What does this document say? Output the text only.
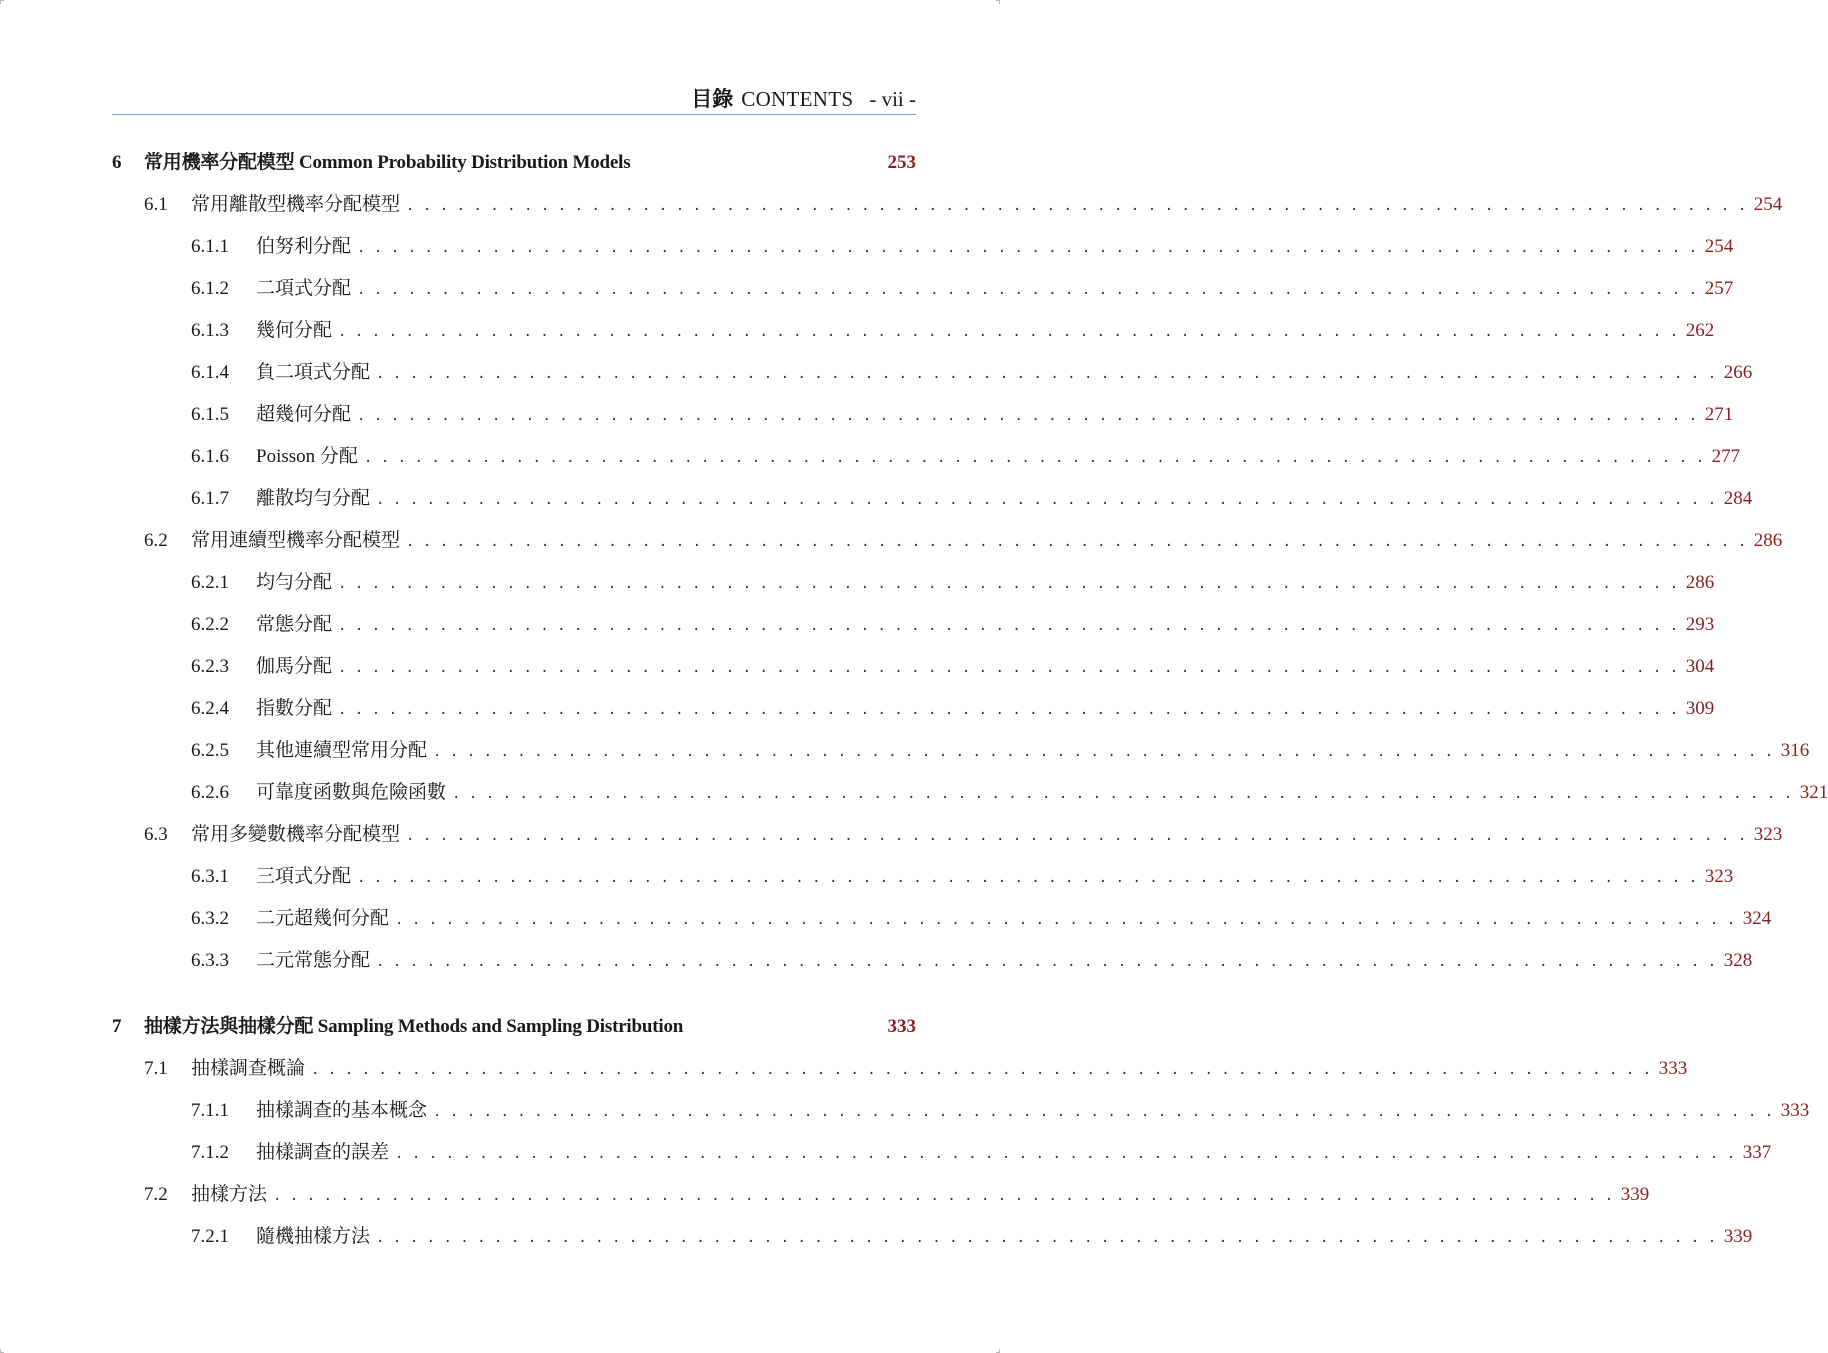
目錄 CONTENTS - vii -
6 常用機率分配模型 Common Probability Distribution Models	253
6.1 常用離散型機率分配模型 . . . . . . . . . . . . . . . . . . . . . . . . . . . . . . . . . . . . . . . . . . . . . . . . . . . . . . . . . . . . . . . . . . . . . . . . . . . . . . . . 254
6.1.1 伯努利分配 . . . . . . . . . . . . . . . . . . . . . . . . . . . . . . . . . . . . . . . . . . . . . . . . . . . . . . . . . . . . . . . . . . . . . . . . . . . . . . . . 254
6.1.2 二項式分配 . . . . . . . . . . . . . . . . . . . . . . . . . . . . . . . . . . . . . . . . . . . . . . . . . . . . . . . . . . . . . . . . . . . . . . . . . . . . . . . . 257
6.1.3 幾何分配 . . . . . . . . . . . . . . . . . . . . . . . . . . . . . . . . . . . . . . . . . . . . . . . . . . . . . . . . . . . . . . . . . . . . . . . . . . . . . . . . 262
6.1.4 負二項式分配 . . . . . . . . . . . . . . . . . . . . . . . . . . . . . . . . . . . . . . . . . . . . . . . . . . . . . . . . . . . . . . . . . . . . . . . . . . . . . . . . 266
6.1.5 超幾何分配 . . . . . . . . . . . . . . . . . . . . . . . . . . . . . . . . . . . . . . . . . . . . . . . . . . . . . . . . . . . . . . . . . . . . . . . . . . . . . . . . 271
6.1.6 Poisson 分配 . . . . . . . . . . . . . . . . . . . . . . . . . . . . . . . . . . . . . . . . . . . . . . . . . . . . . . . . . . . . . . . . . . . . . . . . . . . . . . . . 277
6.1.7 離散均勻分配 . . . . . . . . . . . . . . . . . . . . . . . . . . . . . . . . . . . . . . . . . . . . . . . . . . . . . . . . . . . . . . . . . . . . . . . . . . . . . . . . 284
6.2 常用連續型機率分配模型 . . . . . . . . . . . . . . . . . . . . . . . . . . . . . . . . . . . . . . . . . . . . . . . . . . . . . . . . . . . . . . . . . . . . . . . . . . . . . . . . 286
6.2.1 均勻分配 . . . . . . . . . . . . . . . . . . . . . . . . . . . . . . . . . . . . . . . . . . . . . . . . . . . . . . . . . . . . . . . . . . . . . . . . . . . . . . . . 286
6.2.2 常態分配 . . . . . . . . . . . . . . . . . . . . . . . . . . . . . . . . . . . . . . . . . . . . . . . . . . . . . . . . . . . . . . . . . . . . . . . . . . . . . . . . 293
6.2.3 伽馬分配 . . . . . . . . . . . . . . . . . . . . . . . . . . . . . . . . . . . . . . . . . . . . . . . . . . . . . . . . . . . . . . . . . . . . . . . . . . . . . . . . 304
6.2.4 指數分配 . . . . . . . . . . . . . . . . . . . . . . . . . . . . . . . . . . . . . . . . . . . . . . . . . . . . . . . . . . . . . . . . . . . . . . . . . . . . . . . . 309
6.2.5 其他連續型常用分配 . . . . . . . . . . . . . . . . . . . . . . . . . . . . . . . . . . . . . . . . . . . . . . . . . . . . . . . . . . . . . . . . . . . . . . . . . . . . . . . . 316
6.2.6 可靠度函數與危險函數 . . . . . . . . . . . . . . . . . . . . . . . . . . . . . . . . . . . . . . . . . . . . . . . . . . . . . . . . . . . . . . . . . . . . . . . . . . . . . . . . 321
6.3 常用多變數機率分配模型 . . . . . . . . . . . . . . . . . . . . . . . . . . . . . . . . . . . . . . . . . . . . . . . . . . . . . . . . . . . . . . . . . . . . . . . . . . . . . . . . 323
6.3.1 三項式分配 . . . . . . . . . . . . . . . . . . . . . . . . . . . . . . . . . . . . . . . . . . . . . . . . . . . . . . . . . . . . . . . . . . . . . . . . . . . . . . . . 323
6.3.2 二元超幾何分配 . . . . . . . . . . . . . . . . . . . . . . . . . . . . . . . . . . . . . . . . . . . . . . . . . . . . . . . . . . . . . . . . . . . . . . . . . . . . . . . . 324
6.3.3 二元常態分配 . . . . . . . . . . . . . . . . . . . . . . . . . . . . . . . . . . . . . . . . . . . . . . . . . . . . . . . . . . . . . . . . . . . . . . . . . . . . . . . . 328
7 抽樣方法與抽樣分配 Sampling Methods and Sampling Distribution	333
7.1 抽樣調查概論 . . . . . . . . . . . . . . . . . . . . . . . . . . . . . . . . . . . . . . . . . . . . . . . . . . . . . . . . . . . . . . . . . . . . . . . . . . . . . . . . 333
7.1.1 抽樣調查的基本概念 . . . . . . . . . . . . . . . . . . . . . . . . . . . . . . . . . . . . . . . . . . . . . . . . . . . . . . . . . . . . . . . . . . . . . . . . . . . . . . . . 333
7.1.2 抽樣調查的誤差 . . . . . . . . . . . . . . . . . . . . . . . . . . . . . . . . . . . . . . . . . . . . . . . . . . . . . . . . . . . . . . . . . . . . . . . . . . . . . . . . 337
7.2 抽樣方法 . . . . . . . . . . . . . . . . . . . . . . . . . . . . . . . . . . . . . . . . . . . . . . . . . . . . . . . . . . . . . . . . . . . . . . . . . . . . . . . . 339
7.2.1 隨機抽樣方法 . . . . . . . . . . . . . . . . . . . . . . . . . . . . . . . . . . . . . . . . . . . . . . . . . . . . . . . . . . . . . . . . . . . . . . . . . . . . . . . . 339
